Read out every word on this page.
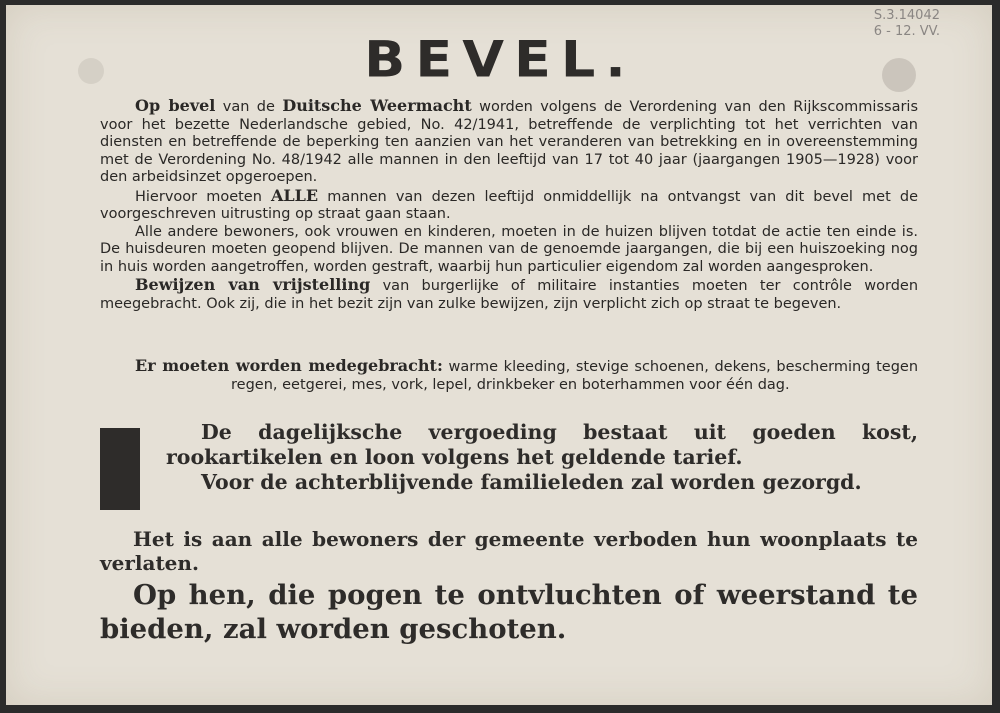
S.3.14042
6 - 12. VV.
BEVEL.

Op bevel van de Duitsche Weermacht worden volgens de Verordening van den Rijkscommissaris voor het bezette Nederlandsche gebied, No. 42/1941, betreffende de verplichting tot het verrichten van diensten en betreffende de beperking ten aanzien van het veranderen van betrekking en in overeenstemming met de Verordening No. 48/1942 alle mannen in den leeftijd van 17 tot 40 jaar (jaargangen 1905—1928) voor den arbeidsinzet opgeroepen.

Hiervoor moeten ALLE mannen van dezen leeftijd onmiddellijk na ontvangst van dit bevel met de voorgeschreven uitrusting op straat gaan staan.

Alle andere bewoners, ook vrouwen en kinderen, moeten in de huizen blijven totdat de actie ten einde is. De huisdeuren moeten geopend blijven. De mannen van de genoemde jaargangen, die bij een huiszoeking nog in huis worden aangetroffen, worden gestraft, waarbij hun particulier eigendom zal worden aangesproken.

Bewijzen van vrijstelling van burgerlijke of militaire instanties moeten ter contrôle worden meegebracht. Ook zij, die in het bezit zijn van zulke bewijzen, zijn verplicht zich op straat te begeven.

Er moeten worden medegebracht: warme kleeding, stevige schoenen, dekens, bescherming tegen regen, eetgerei, mes, vork, lepel, drinkbeker en boterhammen voor één dag.

De dagelijksche vergoeding bestaat uit goeden kost, rookartikelen en loon volgens het geldende tarief.

Voor de achterblijvende familieleden zal worden gezorgd.

Het is aan alle bewoners der gemeente verboden hun woonplaats te verlaten.

Op hen, die pogen te ontvluchten of weerstand te bieden, zal worden geschoten.
